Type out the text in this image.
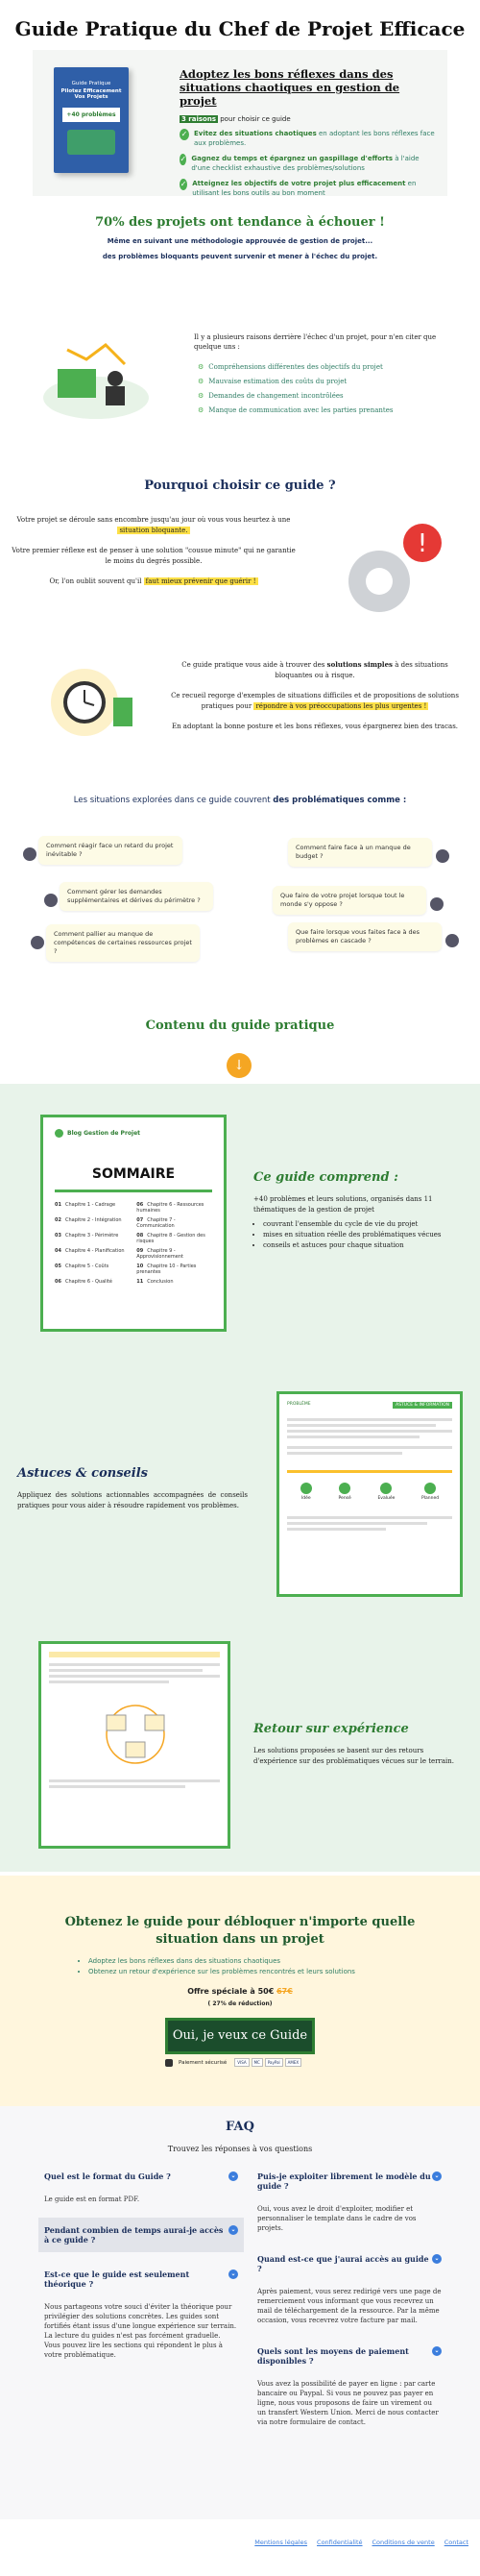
Guide Pratique du Chef de Projet Efficace
Guide Pratique
Pilotez Efficacement Vos Projets
+40 problèmes
Adoptez les bons réflexes dans des situations chaotiques en gestion de projet
3 raisons pour choisir ce guide
✓ Evitez des situations chaotiques en adoptant les bons réflexes face aux problèmes.
✓ Gagnez du temps et épargnez un gaspillage d'efforts à l'aide d'une checklist exhaustive des problèmes/solutions
✓ Atteignez les objectifs de votre projet plus efficacement en utilisant les bons outils au bon moment
70% des projets ont tendance à échouer !
Même en suivant une méthodologie approuvée de gestion de projet...
des problèmes bloquants peuvent survenir et mener à l'échec du projet.
Il y a plusieurs raisons derrière l'échec d'un projet, pour n'en citer que quelque uns :
⚙ Compréhensions différentes des objectifs du projet
⚙ Mauvaise estimation des coûts du projet
⚙ Demandes de changement incontrôlées
⚙ Manque de communication avec les parties prenantes
Pourquoi choisir ce guide ?

Votre projet se déroule sans encombre jusqu'au jour où vous vous heurtez à une situation bloquante.

Votre premier réflexe est de penser à une solution "cousue minute" qui ne garantie le moins du degrés possible.

Or, l'on oublit souvent qu'il faut mieux prévenir que guérir !

!

Ce guide pratique vous aide à trouver des solutions simples à des situations bloquantes ou à risque.

Ce recueil regorge d'exemples de situations difficiles et de propositions de solutions pratiques pour répondre à vos préoccupations les plus urgentes !

En adoptant la bonne posture et les bons réflexes, vous épargnerez bien des tracas.

Les situations explorées dans ce guide couvrent des problématiques comme :
Comment réagir face un retard du projet inévitable ?
Comment faire face à un manque de budget ?
Comment gérer les demandes supplémentaires et dérives du périmètre ?
Que faire de votre projet lorsque tout le monde s'y oppose ?
Comment pallier au manque de compétences de certaines ressources projet ?
Que faire lorsque vous faites face à des problèmes en cascade ?
Contenu du guide pratique
↓
Blog Gestion de Projet
SOMMAIRE
01 Chapitre 1 - Cadrage	06 Chapitre 6 - Ressources humaines
02 Chapitre 2 - Intégration	07 Chapitre 7 - Communication
03 Chapitre 3 - Périmètre	08 Chapitre 8 - Gestion des risques
04 Chapitre 4 - Planification	09 Chapitre 9 - Approvisionnement
05 Chapitre 5 - Coûts	10 Chapitre 10 - Parties prenantes
06 Chapitre 6 - Qualité	11 Conclusion
Ce guide comprend :
+40 problèmes et leurs solutions, organisés dans 11 thématiques de la gestion de projet
• couvrant l'ensemble du cycle de vie du projet
• mises en situation réelle des problématiques vécues
• conseils et astuces pour chaque situation
PROBLÈME	ASTUCE & INFORMATION
Idée	Pensé	Evaluée	Planned
Astuces & conseils
Appliquez des solutions actionnables accompagnées de conseils pratiques pour vous aider à résoudre rapidement vos problèmes.
Retour sur expérience
Les solutions proposées se basent sur des retours d'expérience sur des problématiques vécues sur le terrain.
Obtenez le guide pour débloquer n'importe quelle situation dans un projet
• Adoptez les bons réflexes dans des situations chaotiques
• Obtenez un retour d'expérience sur les problèmes rencontrés et leurs solutions
Offre spéciale à 50€ 67€
( 27% de réduction)
Oui, je veux ce Guide
Paiement sécurisé	VISA	MC	PayPal	AMEX
FAQ
Trouvez les réponses à vos questions
Quel est le format du Guide ?	⌄
Le guide est en format PDF.
Pendant combien de temps aurai-je accès à ce guide ?
⌄
Est-ce que le guide est seulement théorique ?
⌄
Nous partageons votre souci d'éviter la théorique pour privilégier des solutions concrètes. Les guides sont fortifiés étant issus d'une longue expérience sur terrain. La lecture du guides n'est pas forcément graduelle. Vous pouvez lire les sections qui répondent le plus à votre problématique.
Puis-je exploiter librement le modèle du guide ?
⌄
Oui, vous avez le droit d'exploiter, modifier et personnaliser le template dans le cadre de vos projets.
Quand est-ce que j'aurai accès au guide ?
⌄
Après paiement, vous serez redirigé vers une page de remerciement vous informant que vous recevrez un mail de téléchargement de la ressource. Par la même occasion, vous recevrez votre facture par mail.
Quels sont les moyens de paiement disponibles ?
⌄
Vous avez la possibilité de payer en ligne : par carte bancaire ou Paypal. Si vous ne pouvez pas payer en ligne, nous vous proposons de faire un virement ou un transfert Western Union. Merci de nous contacter via notre formulaire de contact.
Mentions légales Confidentialité Conditions de vente Contact
